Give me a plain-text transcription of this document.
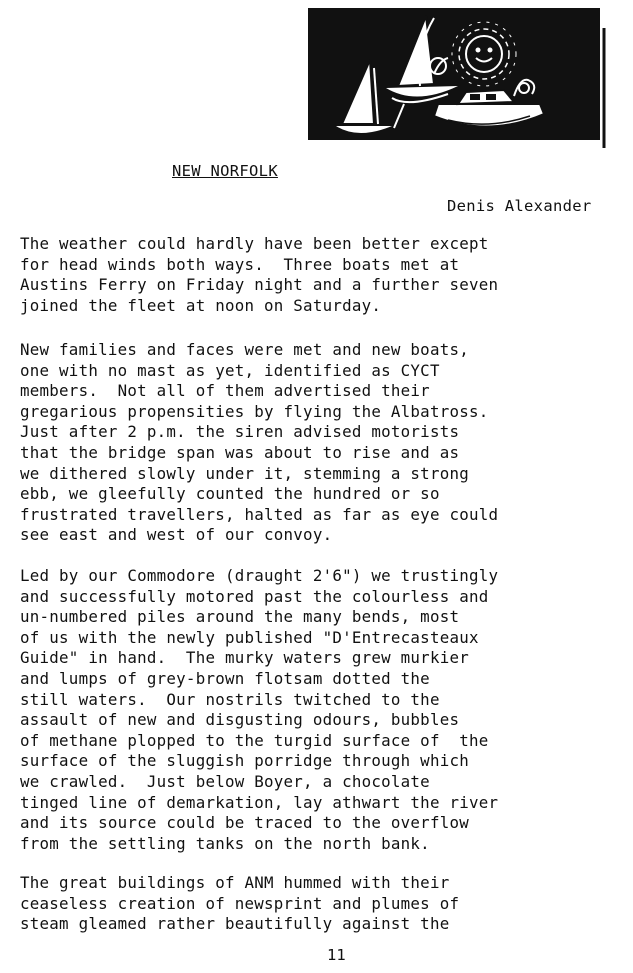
NEW NORFOLK
Denis Alexander
The weather could hardly have been better except
for head winds both ways.  Three boats met at
Austins Ferry on Friday night and a further seven
joined the fleet at noon on Saturday.
New families and faces were met and new boats,
one with no mast as yet, identified as CYCT
members.  Not all of them advertised their
gregarious propensities by flying the Albatross.
Just after 2 p.m. the siren advised motorists
that the bridge span was about to rise and as
we dithered slowly under it, stemming a strong
ebb, we gleefully counted the hundred or so
frustrated travellers, halted as far as eye could
see east and west of our convoy.
Led by our Commodore (draught 2'6") we trustingly
and successfully motored past the colourless and
un-numbered piles around the many bends, most
of us with the newly published "D'Entrecasteaux
Guide" in hand.  The murky waters grew murkier
and lumps of grey-brown flotsam dotted the
still waters.  Our nostrils twitched to the
assault of new and disgusting odours, bubbles
of methane plopped to the turgid surface of  the
surface of the sluggish porridge through which
we crawled.  Just below Boyer, a chocolate
tinged line of demarkation, lay athwart the river
and its source could be traced to the overflow
from the settling tanks on the north bank.
The great buildings of ANM hummed with their
ceaseless creation of newsprint and plumes of
steam gleamed rather beautifully against the
11
